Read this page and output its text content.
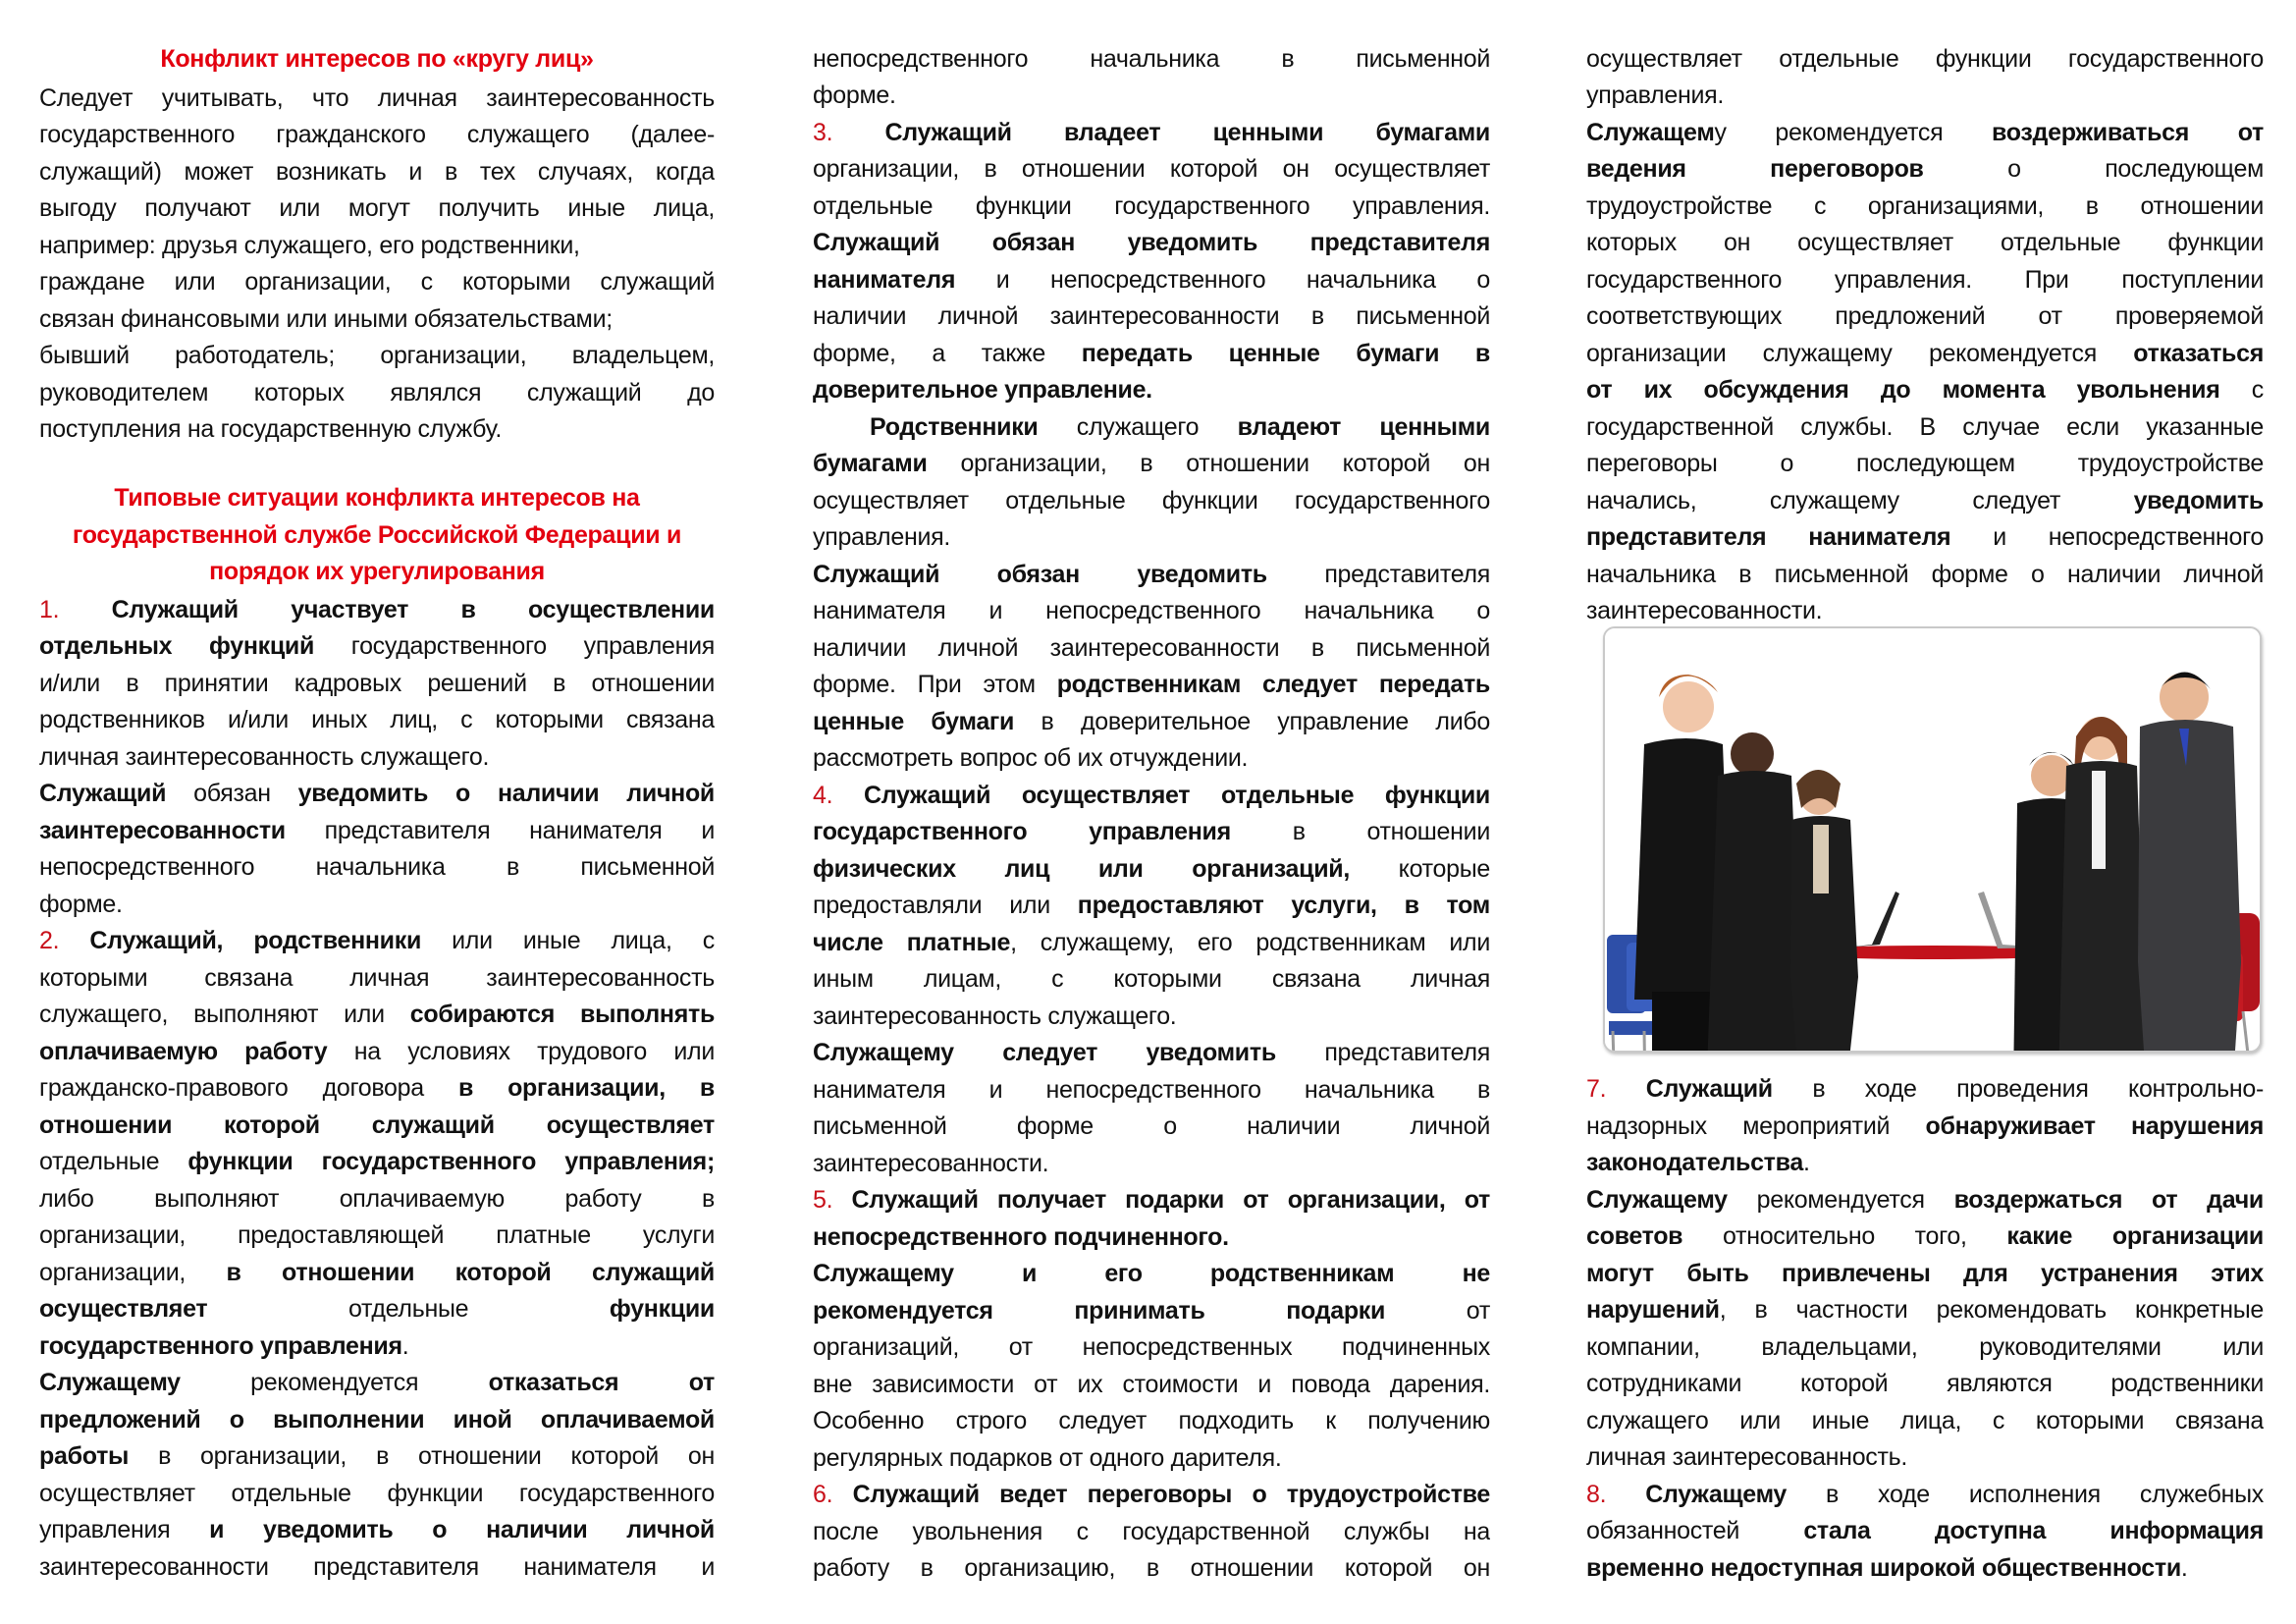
Конфликт интересов по «кругу лиц»
Следует учитывать, что личная заинтересованность
государственного гражданского служащего (далее-
служащий) может возникать и в тех случаях, когда
выгоду получают или могут получить иные лица,
например: друзья служащего, его родственники,
граждане или организации, с которыми служащий
связан финансовыми или иными обязательствами;
бывший работодатель; организации, владельцем,
руководителем которых являлся служащий до
поступления на государственную службу.
Типовые ситуации конфликта интересов на
государственной службе Российской Федерации и
порядок их урегулирования
1. Служащий участвует в осуществлении
отдельных функций государственного управления
и/или в принятии кадровых решений в отношении
родственников и/или иных лиц, с которыми связана
личная заинтересованность служащего.
Служащий обязан уведомить о наличии личной
заинтересованности представителя нанимателя и
непосредственного начальника в письменной
форме.
2. Служащий, родственники или иные лица, с
которыми связана личная заинтересованность
служащего, выполняют или собираются выполнять
оплачиваемую работу на условиях трудового или
гражданско-правового договора в организации, в
отношении которой служащий осуществляет
отдельные функции государственного управления;
либо выполняют оплачиваемую работу в
организации, предоставляющей платные услуги
организации, в отношении которой служащий
осуществляет отдельные функции
государственного управления.
Служащему рекомендуется отказаться от
предложений о выполнении иной оплачиваемой
работы в организации, в отношении которой он
осуществляет отдельные функции государственного
управления и уведомить о наличии личной
заинтересованности представителя нанимателя и
непосредственного начальника в письменной
форме.
3. Служащий владеет ценными бумагами
организации, в отношении которой он осуществляет
отдельные функции государственного управления.
Служащий обязан уведомить представителя
нанимателя и непосредственного начальника о
наличии личной заинтересованности в письменной
форме, а также передать ценные бумаги в
доверительное управление.
Родственники служащего владеют ценными
бумагами организации, в отношении которой он
осуществляет отдельные функции государственного
управления.
Служащий обязан уведомить представителя
нанимателя и непосредственного начальника о
наличии личной заинтересованности в письменной
форме. При этом родственникам следует передать
ценные бумаги в доверительное управление либо
рассмотреть вопрос об их отчуждении.
4. Служащий осуществляет отдельные функции
государственного управления в отношении
физических лиц или организаций, которые
предоставляли или предоставляют услуги, в том
числе платные, служащему, его родственникам или
иным лицам, с которыми связана личная
заинтересованность служащего.
Служащему следует уведомить представителя
нанимателя и непосредственного начальника в
письменной форме о наличии личной
заинтересованности.
5. Служащий получает подарки от организации, от
непосредственного подчиненного.
Служащему и его родственникам не
рекомендуется принимать подарки от
организаций, от непосредственных подчиненных
вне зависимости от их стоимости и повода дарения.
Особенно строго следует подходить к получению
регулярных подарков от одного дарителя.
6. Служащий ведет переговоры о трудоустройстве
после увольнения с государственной службы на
работу в организацию, в отношении которой он
осуществляет отдельные функции государственного
управления.
Служащему рекомендуется воздерживаться от
ведения переговоров о последующем
трудоустройстве с организациями, в отношении
которых он осуществляет отдельные функции
государственного управления. При поступлении
соответствующих предложений от проверяемой
организации служащему рекомендуется отказаться
от их обсуждения до момента увольнения с
государственной службы. В случае если указанные
переговоры о последующем трудоустройстве
начались, служащему следует уведомить
представителя нанимателя и непосредственного
начальника в письменной форме о наличии личной
заинтересованности.
7. Служащий в ходе проведения контрольно-
надзорных мероприятий обнаруживает нарушения
законодательства.
Служащему рекомендуется воздержаться от дачи
советов относительно того, какие организации
могут быть привлечены для устранения этих
нарушений, в частности рекомендовать конкретные
компании, владельцами, руководителями или
сотрудниками которой являются родственники
служащего или иные лица, с которыми связана
личная заинтересованность.
8. Служащему в ходе исполнения служебных
обязанностей стала доступна информация
временно недоступная широкой общественности.
